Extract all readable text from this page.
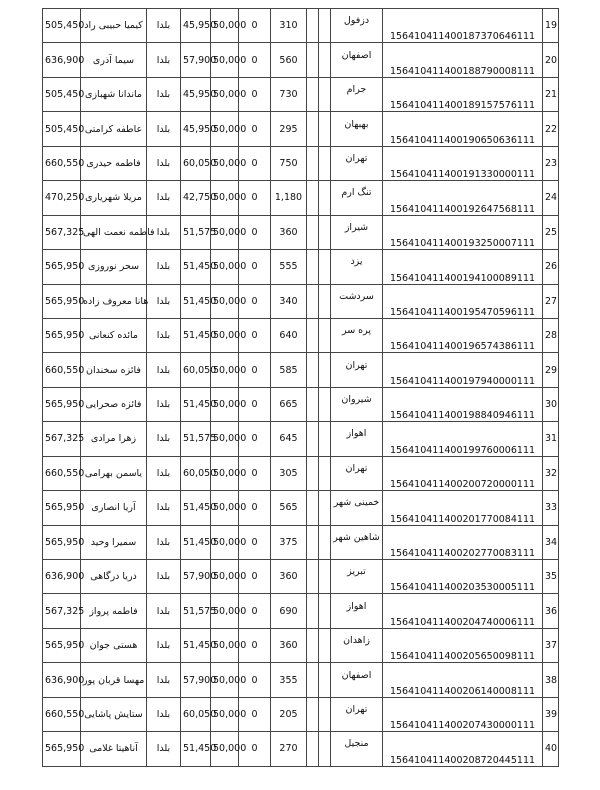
505,450	کیمیا حبیبی راد	بلدا	45,950	50,000	0	310			دزفول	156410411400187370646111	19
636,900	سیما آذری	بلدا	57,900	50,000	0	560			اصفهان	156410411400188790008111	20
505,450	ماندانا شهبازی	بلدا	45,950	50,000	0	730			جرام	156410411400189157576111	21
505,450	عاطفه کرامتی	بلدا	45,950	50,000	0	295			بهبهان	156410411400190650636111	22
660,550	فاطمه حیدری	بلدا	60,050	50,000	0	750			تهران	156410411400191330000111	23
470,250	مریلا شهریاری	بلدا	42,750	50,000	0	1,180			تنگ ارم	156410411400192647568111	24
567,325	فاطمه نعمت الهی	بلدا	51,575	50,000	0	360			شیراز	156410411400193250007111	25
565,950	سحر نوروزی	بلدا	51,450	50,000	0	555			یزد	156410411400194100089111	26
565,950	هانا معروف زاده	بلدا	51,450	50,000	0	340			سردشت	156410411400195470596111	27
565,950	مائده کنعانی	بلدا	51,450	50,000	0	640			پره سر	156410411400196574386111	28
660,550	فائزه سخندان	بلدا	60,050	50,000	0	585			تهران	156410411400197940000111	29
565,950	فائزه صحرایی	بلدا	51,450	50,000	0	665			شیروان	156410411400198840946111	30
567,325	زهرا مرادی	بلدا	51,575	50,000	0	645			اهواز	156410411400199760006111	31
660,550	یاسمن بهرامی	بلدا	60,050	50,000	0	305			تهران	156410411400200720000111	32
565,950	آریا انصاری	بلدا	51,450	50,000	0	565			خمینی شهر	156410411400201770084111	33
565,950	سمیرا وحید	بلدا	51,450	50,000	0	375			شاهین شهر	156410411400202770083111	34
636,900	دریا درگاهی	بلدا	57,900	50,000	0	360			تبریز	156410411400203530005111	35
567,325	فاطمه پرواز	بلدا	51,575	50,000	0	690			اهواز	156410411400204740006111	36
565,950	هستی جوان	بلدا	51,450	50,000	0	360			زاهدان	156410411400205650098111	37
636,900	مهسا قربان پور	بلدا	57,900	50,000	0	355			اصفهان	156410411400206140008111	38
660,550	ستایش پاشایی	بلدا	60,050	50,000	0	205			تهران	156410411400207430000111	39
565,950	آناهیتا غلامی	بلدا	51,450	50,000	0	270			منجیل	156410411400208720445111	40
